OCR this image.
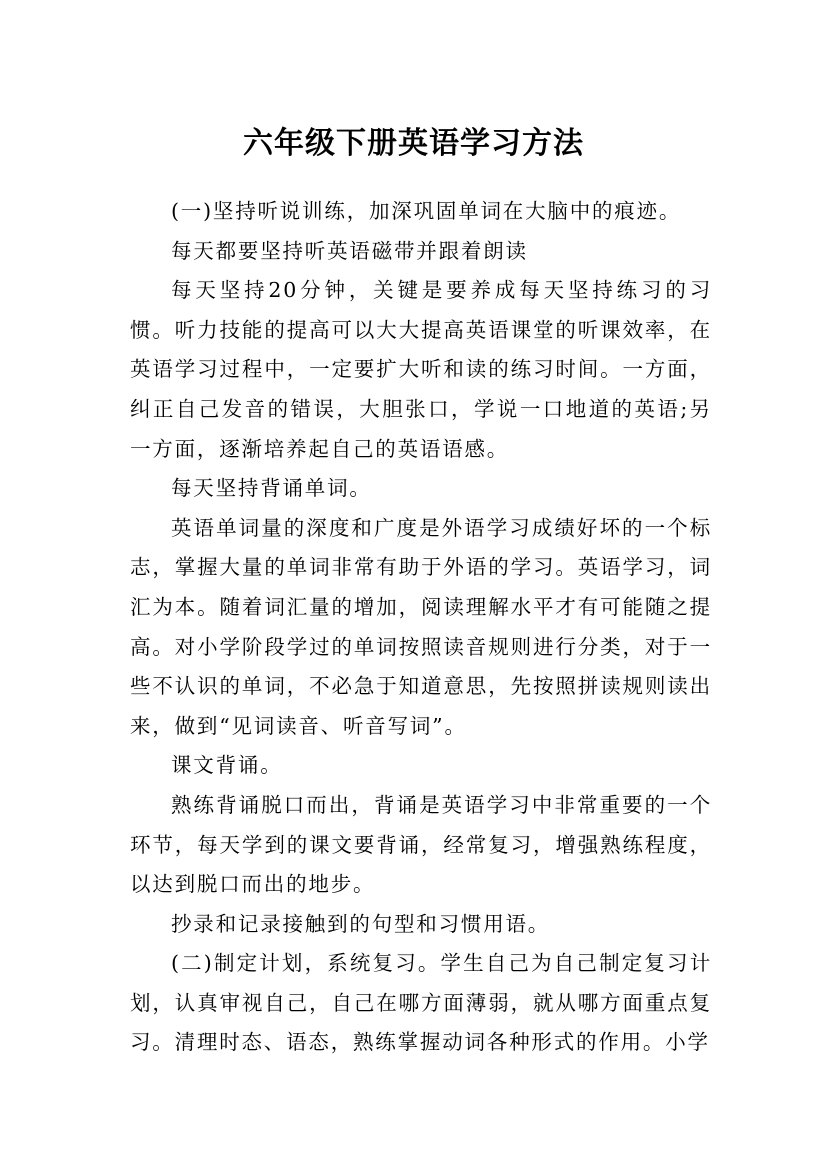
六年级下册英语学习方法

(一)坚持听说训练，加深巩固单词在大脑中的痕迹。

每天都要坚持听英语磁带并跟着朗读

每天坚持20分钟，关键是要养成每天坚持练习的习惯。听力技能的提高可以大大提高英语课堂的听课效率，在英语学习过程中，一定要扩大听和读的练习时间。一方面，纠正自己发音的错误，大胆张口，学说一口地道的英语;另一方面，逐渐培养起自己的英语语感。

每天坚持背诵单词。

英语单词量的深度和广度是外语学习成绩好坏的一个标志，掌握大量的单词非常有助于外语的学习。英语学习，词汇为本。随着词汇量的增加，阅读理解水平才有可能随之提高。对小学阶段学过的单词按照读音规则进行分类，对于一些不认识的单词，不必急于知道意思，先按照拼读规则读出来，做到“见词读音、听音写词”。

课文背诵。

熟练背诵脱口而出，背诵是英语学习中非常重要的一个环节，每天学到的课文要背诵，经常复习，增强熟练程度，以达到脱口而出的地步。

抄录和记录接触到的句型和习惯用语。

(二)制定计划，系统复习。学生自己为自己制定复习计划，认真审视自己，自己在哪方面薄弱，就从哪方面重点复习。清理时态、语态，熟练掌握动词各种形式的作用。小学
